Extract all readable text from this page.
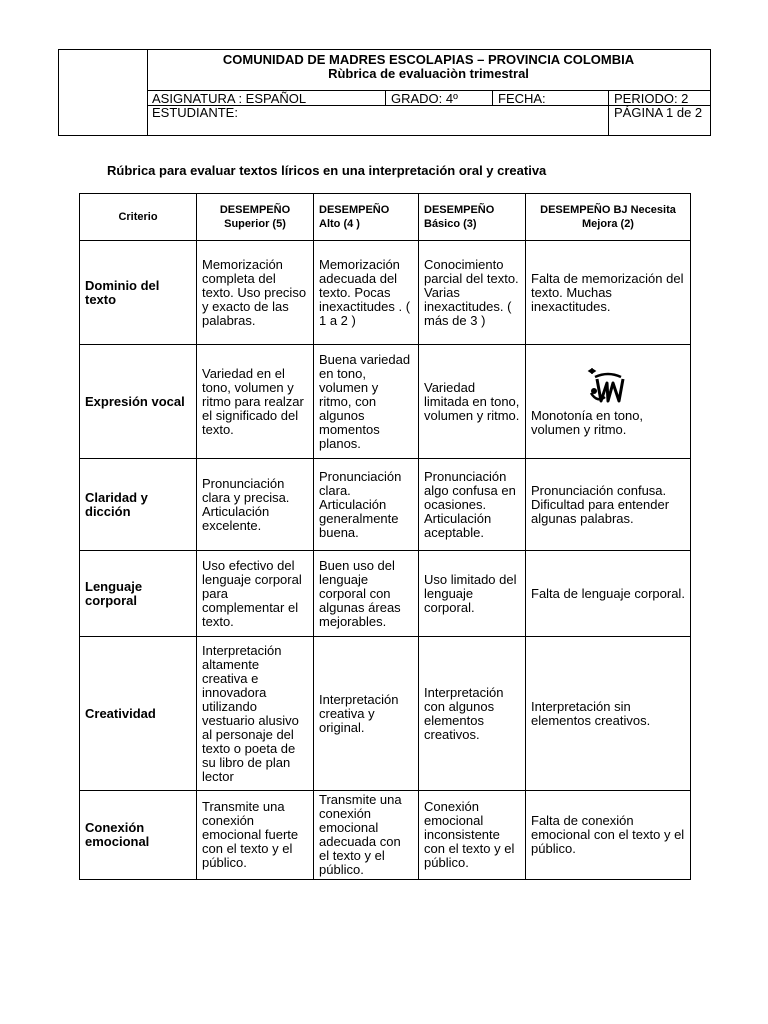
COMUNIDAD DE MADRES ESCOLAPIAS – PROVINCIA COLOMBIA
Rùbrica de evaluaciòn trimestral
ASIGNATURA : ESPAÑOL	GRADO: 4º	FECHA:	PERIODO: 2
ESTUDIANTE:	PÁGINA 1 de 2
Rúbrica para evaluar textos líricos en una interpretación oral y creativa
Criterio	DESEMPEÑO Superior (5)	DESEMPEÑO Alto (4 )	DESEMPEÑO Básico (3)	DESEMPEÑO BJ Necesita Mejora (2)
Dominio del texto	Memorización completa del texto. Uso preciso y exacto de las palabras.	Memorización adecuada del texto. Pocas inexactitudes . ( 1 a 2 )	Conocimiento parcial del texto. Varias inexactitudes. ( más de 3 )	Falta de memorización del texto. Muchas inexactitudes.
Expresión vocal	Variedad en el tono, volumen y ritmo para realzar el significado del texto.	Buena variedad en tono, volumen y ritmo, con algunos momentos planos.	Variedad limitada en tono, volumen y ritmo.	Monotonía en tono, volumen y ritmo.
Claridad y dicción	Pronunciación clara y precisa. Articulación excelente.	Pronunciación clara. Articulación generalmente buena.	Pronunciación algo confusa en ocasiones. Articulación aceptable.	Pronunciación confusa. Dificultad para entender algunas palabras.
Lenguaje corporal	Uso efectivo del lenguaje corporal para complementar el texto.	Buen uso del lenguaje corporal con algunas áreas mejorables.	Uso limitado del lenguaje corporal.	Falta de lenguaje corporal.
Creatividad	Interpretación altamente creativa e innovadora utilizando vestuario alusivo al personaje del texto o poeta de su libro de plan lector	Interpretación creativa y original.	Interpretación con algunos elementos creativos.	Interpretación sin elementos creativos.
Conexión emocional	Transmite una conexión emocional fuerte con el texto y el público.	Transmite una conexión emocional adecuada con el texto y el público.	Conexión emocional inconsistente con el texto y el público.	Falta de conexión emocional con el texto y el público.
